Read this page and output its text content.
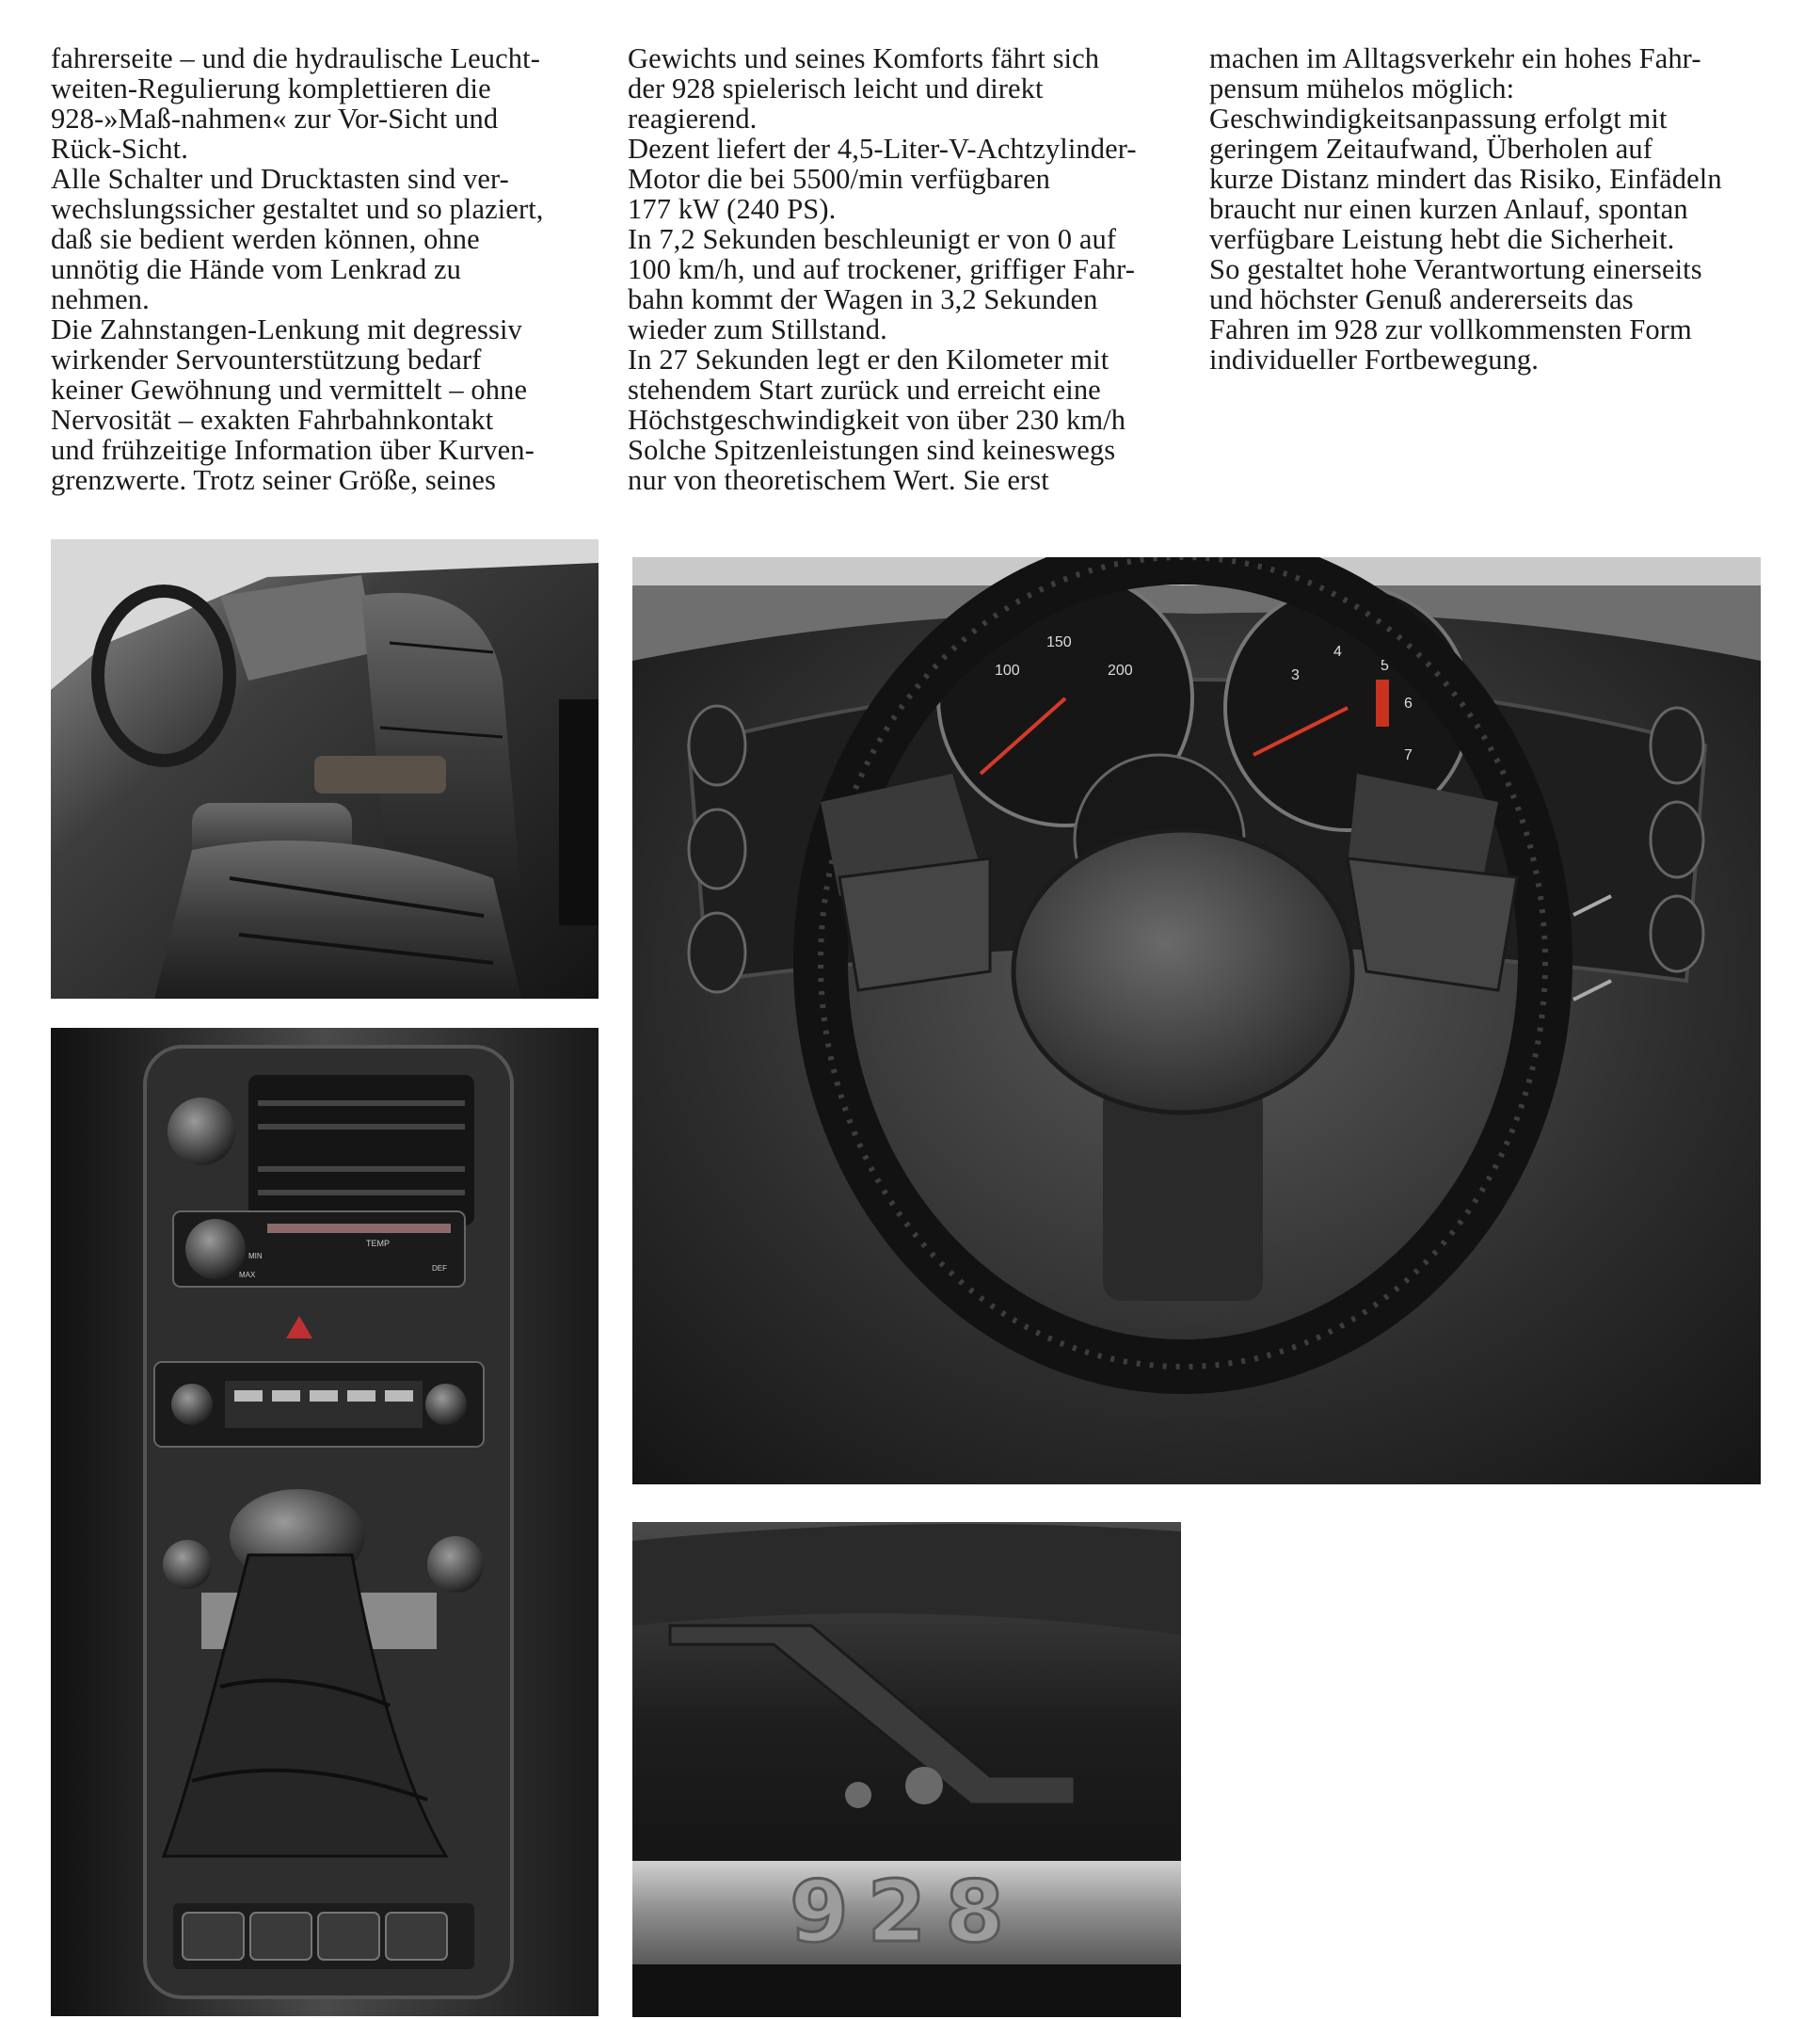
fahrerseite – und die hydraulische Leucht-

weiten-Regulierung komplettieren die

928-»Maß-nahmen« zur Vor-Sicht und

Rück-Sicht.

Alle Schalter und Drucktasten sind ver-

wechslungssicher gestaltet und so plaziert,

daß sie bedient werden können, ohne

unnötig die Hände vom Lenkrad zu

nehmen.

Die Zahnstangen-Lenkung mit degressiv

wirkender Servounterstützung bedarf

keiner Gewöhnung und vermittelt – ohne

Nervosität – exakten Fahrbahnkontakt

und frühzeitige Information über Kurven-

grenzwerte. Trotz seiner Größe, seines

Gewichts und seines Komforts fährt sich

der 928 spielerisch leicht und direkt

reagierend.

Dezent liefert der 4,5-Liter-V-Achtzylinder-

Motor die bei 5500/min verfügbaren

177 kW (240 PS).

In 7,2 Sekunden beschleunigt er von 0 auf

100 km/h, und auf trockener, griffiger Fahr-

bahn kommt der Wagen in 3,2 Sekunden

wieder zum Stillstand.

In 27 Sekunden legt er den Kilometer mit

stehendem Start zurück und erreicht eine

Höchstgeschwindigkeit von über 230 km/h

Solche Spitzenleistungen sind keineswegs

nur von theoretischem Wert. Sie erst

machen im Alltagsverkehr ein hohes Fahr-

pensum mühelos möglich:

Geschwindigkeitsanpassung erfolgt mit

geringem Zeitaufwand, Überholen auf

kurze Distanz mindert das Risiko, Einfädeln

braucht nur einen kurzen Anlauf, spontan

verfügbare Leistung hebt die Sicherheit.

So gestaltet hohe Verantwortung einerseits

und höchster Genuß andererseits das

Fahren im 928 zur vollkommensten Form

individueller Fortbewegung.

TEMP
MIN
MAX
DEF
100
150
200	3
4
5
6
7
928
